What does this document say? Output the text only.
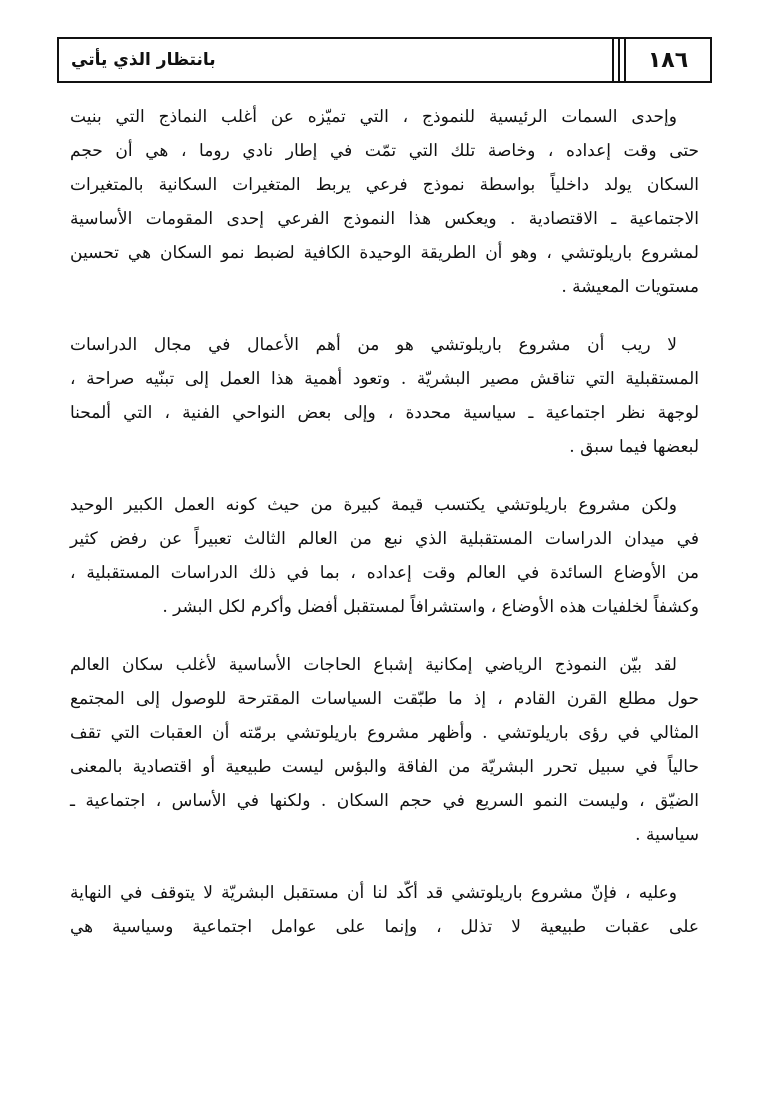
١٨٦
بانتظار الذي يأتي
وإحدى السمات الرئيسية للنموذج ، التي تميّزه عن أغلب النماذج التي بنيت
حتى وقت إعداده ، وخاصة تلك التي تمّت في إطار نادي روما ، هي أن حجم
السكان يولد داخلياً بواسطة نموذج فرعي يربط المتغيرات السكانية بالمتغيرات
الاجتماعية ـ الاقتصادية . ويعكس هذا النموذج الفرعي إحدى المقومات الأساسية
لمشروع باريلوتشي ، وهو أن الطريقة الوحيدة الكافية لضبط نمو السكان هي تحسين
مستويات المعيشة .
لا ريب أن مشروع باريلوتشي هو من أهم الأعمال في مجال الدراسات
المستقبلية التي تناقش مصير البشريّة . وتعود أهمية هذا العمل إلى تبنّيه صراحة ،
لوجهة نظر اجتماعية ـ سياسية محددة ، وإلى بعض النواحي الفنية ، التي ألمحنا
لبعضها فيما سبق .
ولكن مشروع باريلوتشي يكتسب قيمة كبيرة من حيث كونه العمل الكبير الوحيد
في ميدان الدراسات المستقبلية الذي نبع من العالم الثالث تعبيراً عن رفض كثير
من الأوضاع السائدة في العالم وقت إعداده ، بما في ذلك الدراسات المستقبلية ،
وكشفاً لخلفيات هذه الأوضاع ، واستشرافاً لمستقبل أفضل وأكرم لكل البشر .
لقد بيّن النموذج الرياضي إمكانية إشباع الحاجات الأساسية لأغلب سكان العالم
حول مطلع القرن القادم ، إذ ما طبّقت السياسات المقترحة للوصول إلى المجتمع
المثالي في رؤى باريلوتشي . وأظهر مشروع باريلوتشي برمّته أن العقبات التي تقف
حالياً في سبيل تحرر البشريّة من الفاقة والبؤس ليست طبيعية أو اقتصادية بالمعنى
الضيّق ، وليست النمو السريع في حجم السكان . ولكنها في الأساس ، اجتماعية ـ
سياسية .
وعليه ، فإنّ مشروع باريلوتشي قد أكّد لنا أن مستقبل البشريّة لا يتوقف في النهاية
على عقبات طبيعية لا تذلل ، وإنما على عوامل اجتماعية وسياسية هي
